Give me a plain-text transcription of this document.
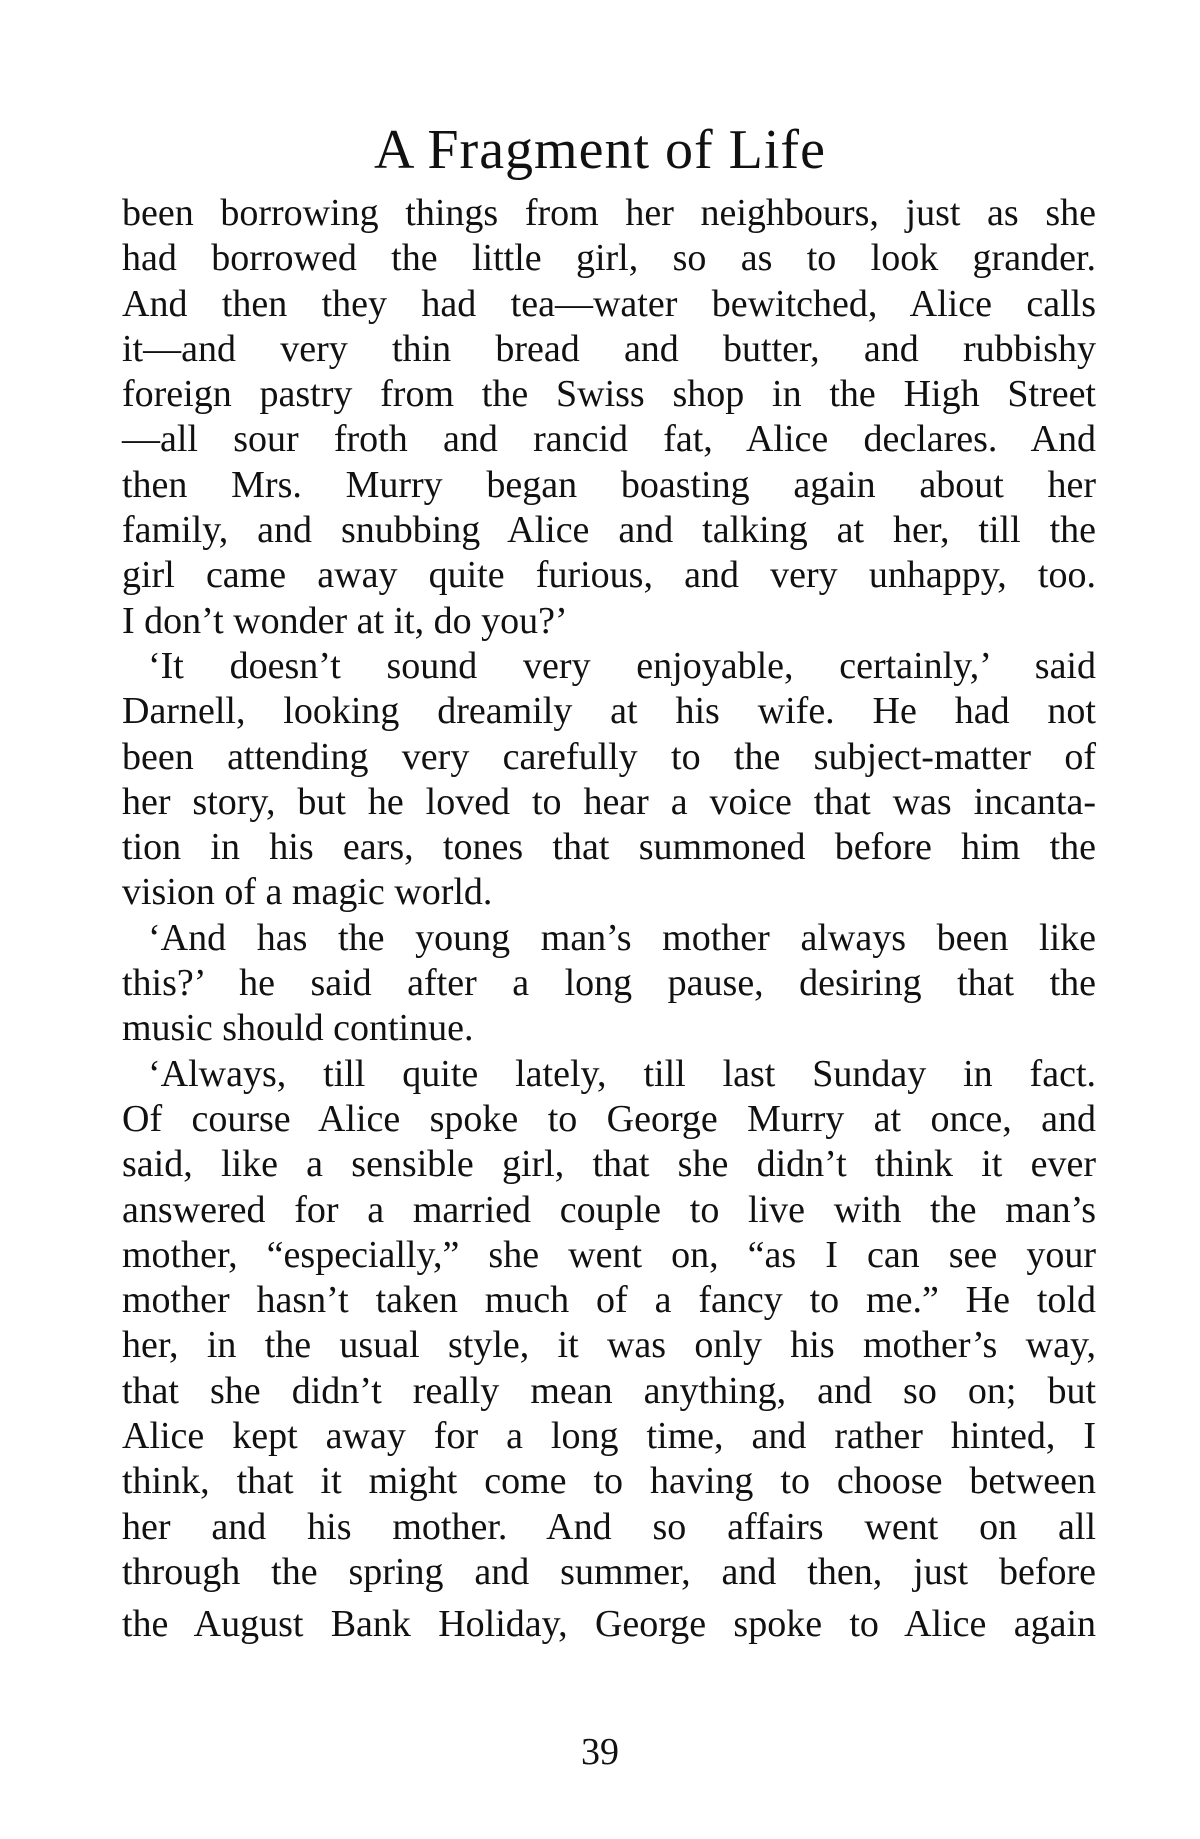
A Fragment of Life
been borrowing things from her neighbours, just as she
had borrowed the little girl, so as to look grander.
And then they had tea—water bewitched, Alice calls
it—and very thin bread and butter, and rubbishy
foreign pastry from the Swiss shop in the High Street
—all sour froth and rancid fat, Alice declares. And
then Mrs. Murry began boasting again about her
family, and snubbing Alice and talking at her, till the
girl came away quite furious, and very unhappy, too.
I don’t wonder at it, do you?’
‘It doesn’t sound very enjoyable, certainly,’ said
Darnell, looking dreamily at his wife. He had not
been attending very carefully to the subject-matter of
her story, but he loved to hear a voice that was incanta-
tion in his ears, tones that summoned before him the
vision of a magic world.
‘And has the young man’s mother always been like
this?’ he said after a long pause, desiring that the
music should continue.
‘Always, till quite lately, till last Sunday in fact.
Of course Alice spoke to George Murry at once, and
said, like a sensible girl, that she didn’t think it ever
answered for a married couple to live with the man’s
mother, “especially,” she went on, “as I can see your
mother hasn’t taken much of a fancy to me.” He told
her, in the usual style, it was only his mother’s way,
that she didn’t really mean anything, and so on; but
Alice kept away for a long time, and rather hinted, I
think, that it might come to having to choose between
her and his mother. And so affairs went on all
through the spring and summer, and then, just before
the August Bank Holiday, George spoke to Alice again
39
